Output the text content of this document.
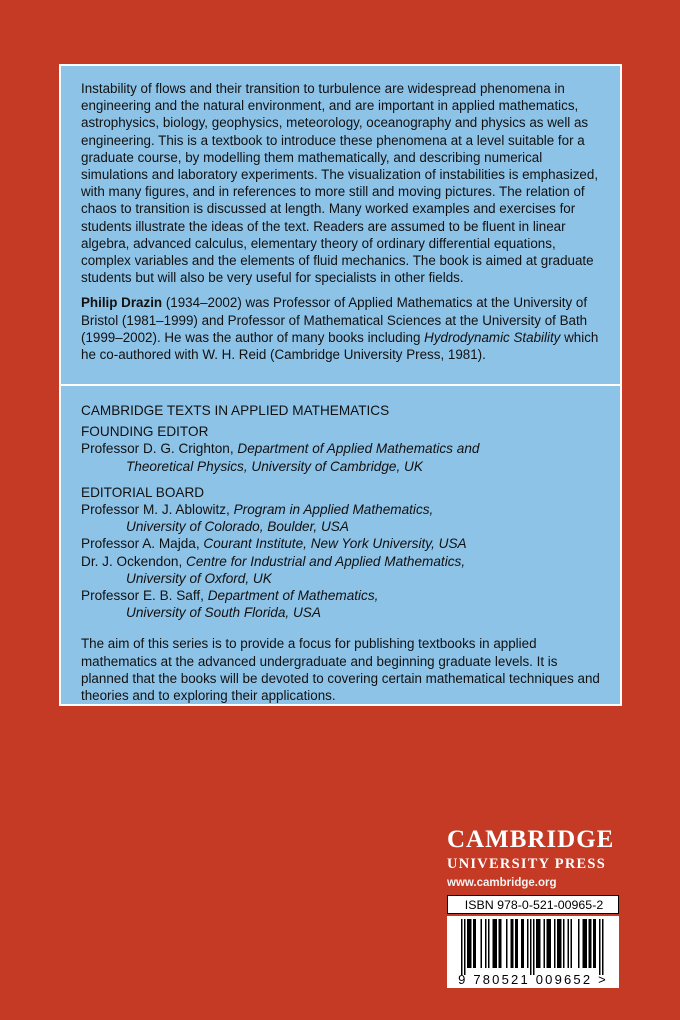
Instability of flows and their transition to turbulence are widespread phenomena in engineering and the natural environment, and are important in applied mathematics, astrophysics, biology, geophysics, meteorology, oceanography and physics as well as engineering. This is a textbook to introduce these phenomena at a level suitable for a graduate course, by modelling them mathematically, and describing numerical simulations and laboratory experiments. The visualization of instabilities is emphasized, with many figures, and in references to more still and moving pictures. The relation of chaos to transition is discussed at length. Many worked examples and exercises for students illustrate the ideas of the text. Readers are assumed to be fluent in linear algebra, advanced calculus, elementary theory of ordinary differential equations, complex variables and the elements of fluid mechanics. The book is aimed at graduate students but will also be very useful for specialists in other fields.

Philip Drazin (1934–2002) was Professor of Applied Mathematics at the University of Bristol (1981–1999) and Professor of Mathematical Sciences at the University of Bath (1999–2002). He was the author of many books including Hydrodynamic Stability which he co-authored with W. H. Reid (Cambridge University Press, 1981).

CAMBRIDGE TEXTS IN APPLIED MATHEMATICS

FOUNDING EDITOR

Professor D. G. Crighton, Department of Applied Mathematics and
Theoretical Physics, University of Cambridge, UK

EDITORIAL BOARD

Professor M. J. Ablowitz, Program in Applied Mathematics,
University of Colorado, Boulder, USA

Professor A. Majda, Courant Institute, New York University, USA

Dr. J. Ockendon, Centre for Industrial and Applied Mathematics,
University of Oxford, UK

Professor E. B. Saff, Department of Mathematics,
University of South Florida, USA

The aim of this series is to provide a focus for publishing textbooks in applied mathematics at the advanced undergraduate and beginning graduate levels. It is planned that the books will be devoted to covering certain mathematical techniques and theories and to exploring their applications.

CAMBRIDGE
UNIVERSITY PRESS
www.cambridge.org
ISBN 978-0-521-00965-2
9 780521 009652 >
